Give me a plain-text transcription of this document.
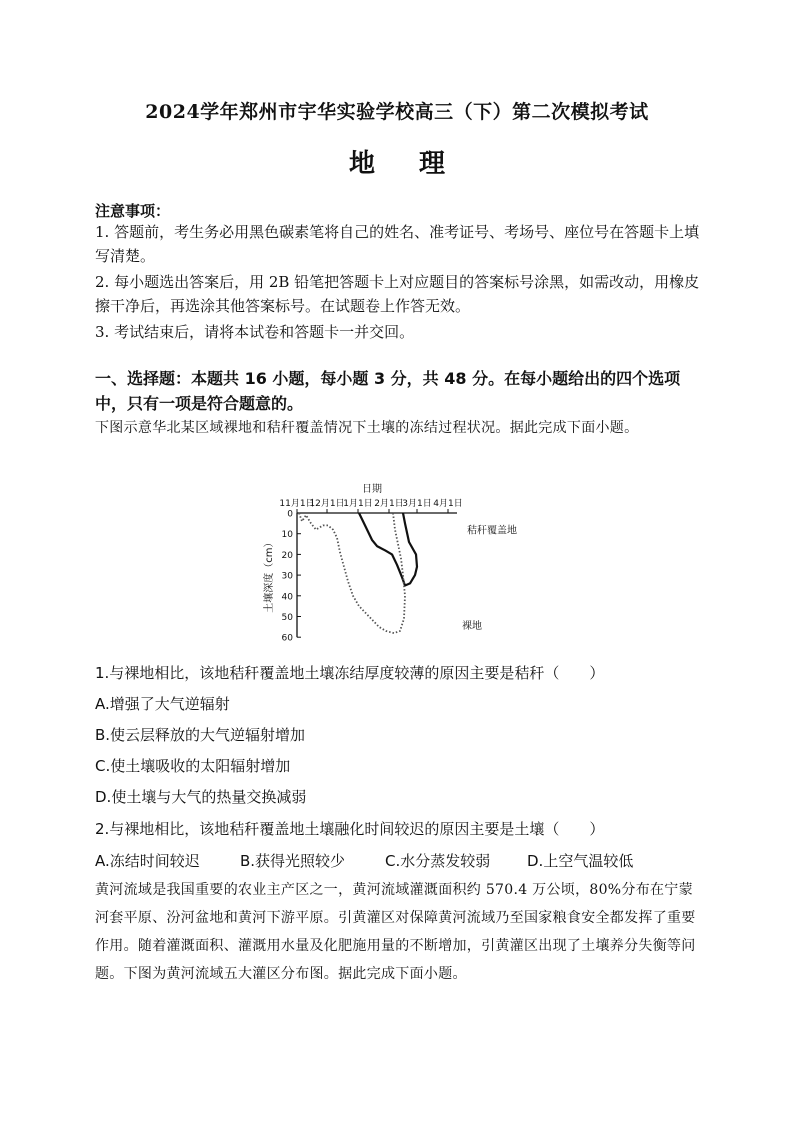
2024学年郑州市宇华实验学校高三（下）第二次模拟考试
地 理
注意事项：
1. 答题前，考生务必用黑色碳素笔将自己的姓名、准考证号、考场号、座位号在答题卡上填写清楚。
2. 每小题选出答案后，用 2B 铅笔把答题卡上对应题目的答案标号涂黑，如需改动，用橡皮擦干净后，再选涂其他答案标号。在试题卷上作答无效。
3. 考试结束后，请将本试卷和答题卡一并交回。
一、选择题：本题共 16 小题，每小题 3 分，共 48 分。在每小题给出的四个选项中，只有一项是符合题意的。
下图示意华北某区域裸地和秸秆覆盖情况下土壤的冻结过程状况。据此完成下面小题。
11月1日
12月1日
1月1日 2月1日
3月1日 4月1日
日期
0
10
20
30
40
50
60
土壤深度（cm）
秸秆覆盖地
裸地
1.与裸地相比，该地秸秆覆盖地土壤冻结厚度较薄的原因主要是秸秆（　　）
A.增强了大气逆辐射
B.使云层释放的大气逆辐射增加
C.使土壤吸收的太阳辐射增加
D.使土壤与大气的热量交换减弱
2.与裸地相比，该地秸秆覆盖地土壤融化时间较迟的原因主要是土壤（　　）
A.冻结时间较迟	B.获得光照较少	C.水分蒸发较弱 D.上空气温较低
黄河流域是我国重要的农业主产区之一，黄河流域灌溉面积约 570.4 万公顷，80%分布在宁蒙河套平原、汾河盆地和黄河下游平原。引黄灌区对保障黄河流域乃至国家粮食安全都发挥了重要作用。随着灌溉面积、灌溉用水量及化肥施用量的不断增加，引黄灌区出现了土壤养分失衡等问题。下图为黄河流域五大灌区分布图。据此完成下面小题。
